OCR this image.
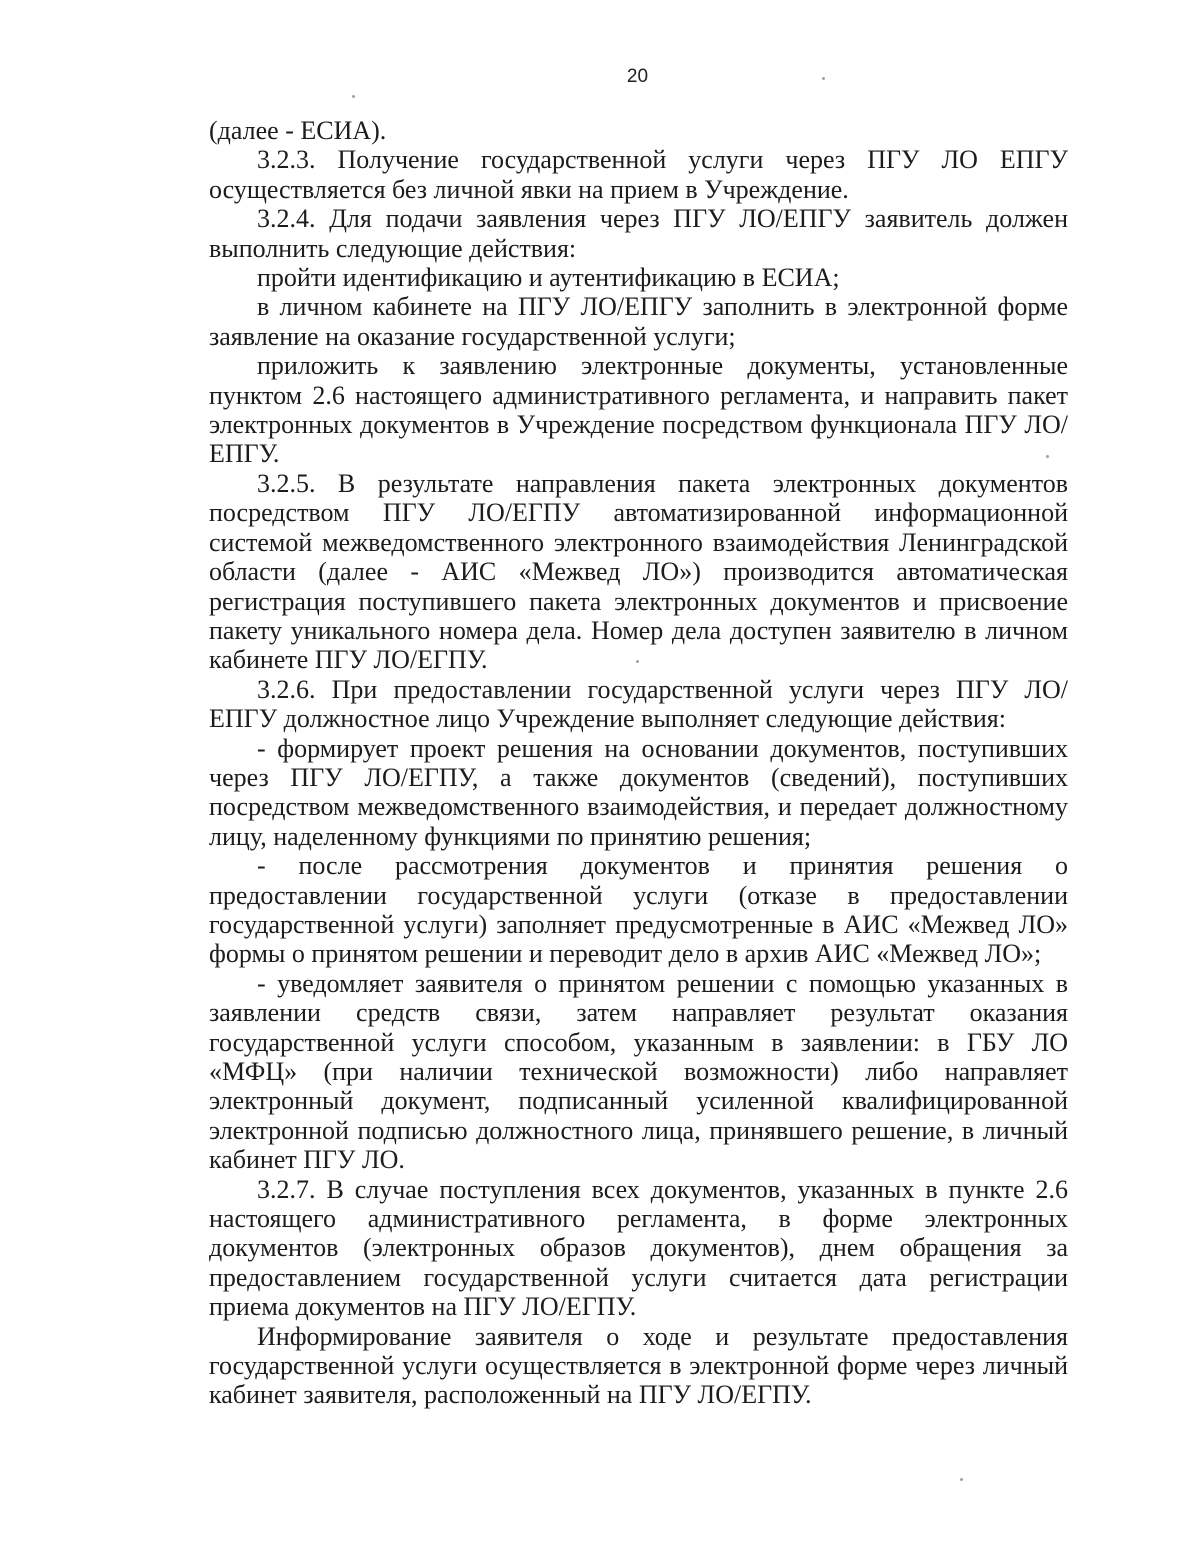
20

(далее - ЕСИА).

3.2.3. Получение государственной услуги через ПГУ ЛО ЕПГУ осуществляется без личной явки на прием в Учреждение.

3.2.4. Для подачи заявления через ПГУ ЛО/ЕПГУ заявитель должен выполнить следующие действия:

пройти идентификацию и аутентификацию в ЕСИА;

в личном кабинете на ПГУ ЛО/ЕПГУ заполнить в электронной форме заявление на оказание государственной услуги;

приложить к заявлению электронные документы, установленные пунктом 2.6 настоящего административного регламента, и направить пакет электронных документов в Учреждение посредством функционала ПГУ ЛО/ЕПГУ.

3.2.5. В результате направления пакета электронных документов посредством ПГУ ЛО/ЕГПУ автоматизированной информационной системой межведомственного электронного взаимодействия Ленинградской области (далее - АИС «Межвед ЛО») производится автоматическая регистрация поступившего пакета электронных документов и присвоение пакету уникального номера дела. Номер дела доступен заявителю в личном кабинете ПГУ ЛО/ЕГПУ.

3.2.6. При предоставлении государственной услуги через ПГУ ЛО/ЕПГУ должностное лицо Учреждение выполняет следующие действия:

- формирует проект решения на основании документов, поступивших через ПГУ ЛО/ЕГПУ, а также документов (сведений), поступивших посредством межведомственного взаимодействия, и передает должностному лицу, наделенному функциями по принятию решения;

- после рассмотрения документов и принятия решения о предоставлении государственной услуги (отказе в предоставлении государственной услуги) заполняет предусмотренные в АИС «Межвед ЛО» формы о принятом решении и переводит дело в архив АИС «Межвед ЛО»;

- уведомляет заявителя о принятом решении с помощью указанных в заявлении средств связи, затем направляет результат оказания государственной услуги способом, указанным в заявлении: в ГБУ ЛО «МФЦ» (при наличии технической возможности) либо направляет электронный документ, подписанный усиленной квалифицированной электронной подписью должностного лица, принявшего решение, в личный кабинет ПГУ ЛО.

3.2.7. В случае поступления всех документов, указанных в пункте 2.6 настоящего административного регламента, в форме электронных документов (электронных образов документов), днем обращения за предоставлением государственной услуги считается дата регистрации приема документов на ПГУ ЛО/ЕГПУ.

Информирование заявителя о ходе и результате предоставления государственной услуги осуществляется в электронной форме через личный кабинет заявителя, расположенный на ПГУ ЛО/ЕГПУ.
